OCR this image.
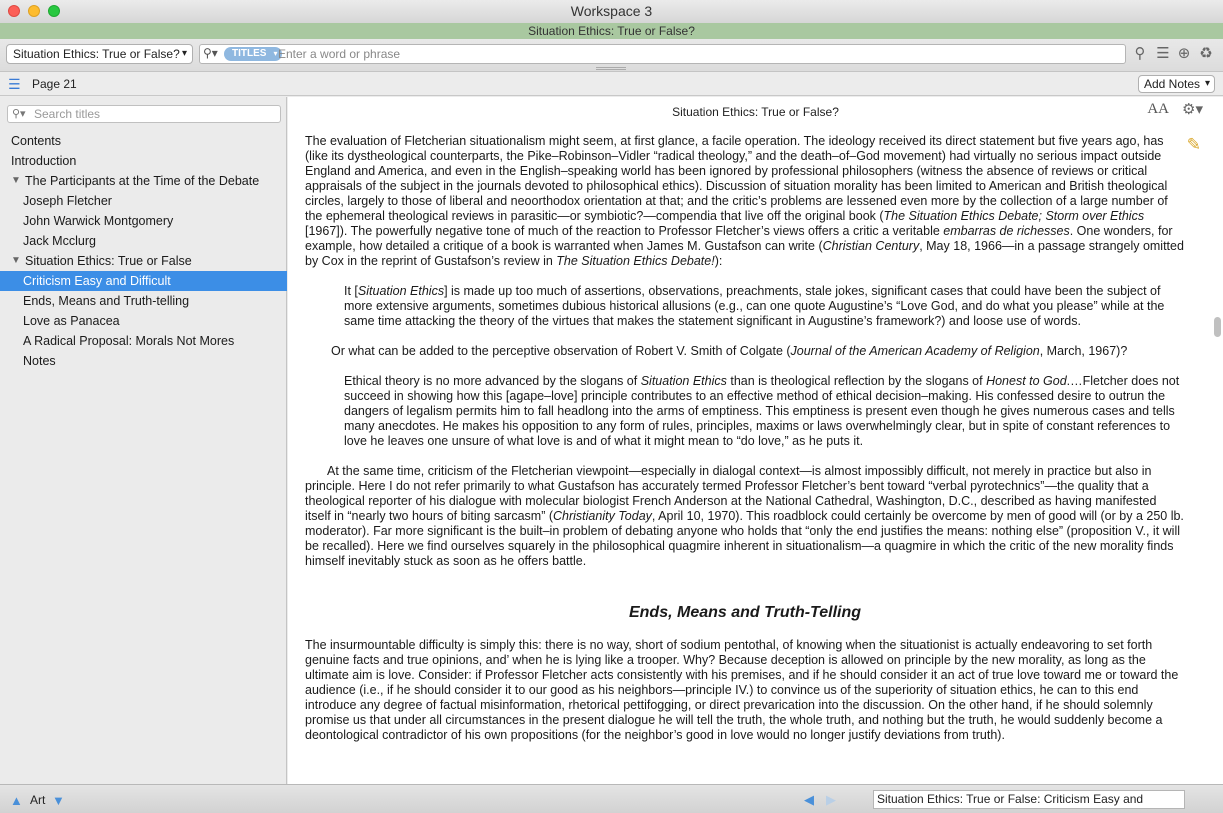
Workspace 3
Situation Ethics: True or False?
Situation Ethics: True or False? ▾ ⚲▾	TITLES ▾
Enter a word or phrase	⚲ ☰ ⊕ ♻
☰ Page 21	Add Notes ▾
⚲▾
Search titles
Contents
Introduction
▼ The Participants at the Time of the Debate
Joseph Fletcher
John Warwick Montgomery
Jack Mcclurg
▼ Situation Ethics: True or False
Criticism Easy and Difficult
Ends, Means and Truth-telling
Love as Panacea
A Radical Proposal: Morals Not Mores
Notes
Situation Ethics: True or False?	AA ⚙▾
✎

The evaluation of Fletcherian situationalism might seem, at first glance, a facile operation. The ideology received its direct statement but five years ago, has (like its dystheological counterparts, the Pike–Robinson–Vidler “radical theology,” and the death–of–God movement) had virtually no serious impact outside England and America, and even in the English–speaking world has been ignored by professional philosophers (witness the absence of reviews or critical appraisals of the subject in the journals devoted to philosophical ethics). Discussion of situation morality has been limited to American and British theological circles, largely to those of liberal and neoorthodox orientation at that; and the critic’s problems are lessened even more by the collection of a large number of the ephemeral theological reviews in parasitic—or symbiotic?—compendia that live off the original book (The Situation Ethics Debate; Storm over Ethics [1967]). The powerfully negative tone of much of the reaction to Professor Fletcher’s views offers a critic a veritable embarras de richesses. One wonders, for example, how detailed a critique of a book is warranted when James M. Gustafson can write (Christian Century, May 18, 1966—in a passage strangely omitted by Cox in the reprint of Gustafson’s review in The Situation Ethics Debate!):

It [Situation Ethics] is made up too much of assertions, observations, preachments, stale jokes, significant cases that could have been the subject of more extensive arguments, sometimes dubious historical allusions (e.g., can one quote Augustine’s “Love God, and do what you please” while at the same time attacking the theory of the virtues that makes the statement significant in Augustine’s framework?) and loose use of words.

Or what can be added to the perceptive observation of Robert V. Smith of Colgate (Journal of the American Academy of Religion, March, 1967)?

Ethical theory is no more advanced by the slogans of Situation Ethics than is theological reflection by the slogans of Honest to God.…Fletcher does not succeed in showing how this [agape–love] principle contributes to an effective method of ethical decision–making. His confessed desire to outrun the dangers of legalism permits him to fall headlong into the arms of emptiness. This emptiness is present even though he gives numerous cases and tells many anecdotes. He makes his opposition to any form of rules, principles, maxims or laws overwhelmingly clear, but in spite of constant references to love he leaves one unsure of what love is and of what it might mean to “do love,” as he puts it.

At the same time, criticism of the Fletcherian viewpoint—especially in dialogal context—is almost impossibly difficult, not merely in practice but also in principle. Here I do not refer primarily to what Gustafson has accurately termed Professor Fletcher’s bent toward “verbal pyrotechnics”—the quality that a theological reporter of his dialogue with molecular biologist French Anderson at the National Cathedral, Washington, D.C., described as having manifested itself in “nearly two hours of biting sarcasm” (Christianity Today, April 10, 1970). This roadblock could certainly be overcome by men of good will (or by a 250 lb. moderator). Far more significant is the built–in problem of debating anyone who holds that “only the end justifies the means: nothing else” (proposition V., it will be recalled). Here we find ourselves squarely in the philosophical quagmire inherent in situationalism—a quagmire in which the critic of the new morality finds himself inevitably stuck as soon as he offers battle.

Ends, Means and Truth-Telling

The insurmountable difficulty is simply this: there is no way, short of sodium pentothal, of knowing when the situationist is actually endeavoring to set forth genuine facts and true opinions, and’ when he is lying like a trooper. Why? Because deception is allowed on principle by the new morality, as long as the ultimate aim is love. Consider: if Professor Fletcher acts consistently with his premises, and if he should consider it an act of true love toward me or toward the audience (i.e., if he should consider it to our good as his neighbors—principle IV.) to convince us of the superiority of situation ethics, he can to this end introduce any degree of factual misinformation, rhetorical pettifogging, or direct prevarication into the discussion. On the other hand, if he should solemnly promise us that under all circumstances in the present dialogue he will tell the truth, the whole truth, and nothing but the truth, he would suddenly become a deontological contradictor of his own propositions (for the neighbor’s good in love would no longer justify deviations from truth).

▲ Art ▼	◀ ▶	Situation Ethics: True or False: Criticism Easy and
